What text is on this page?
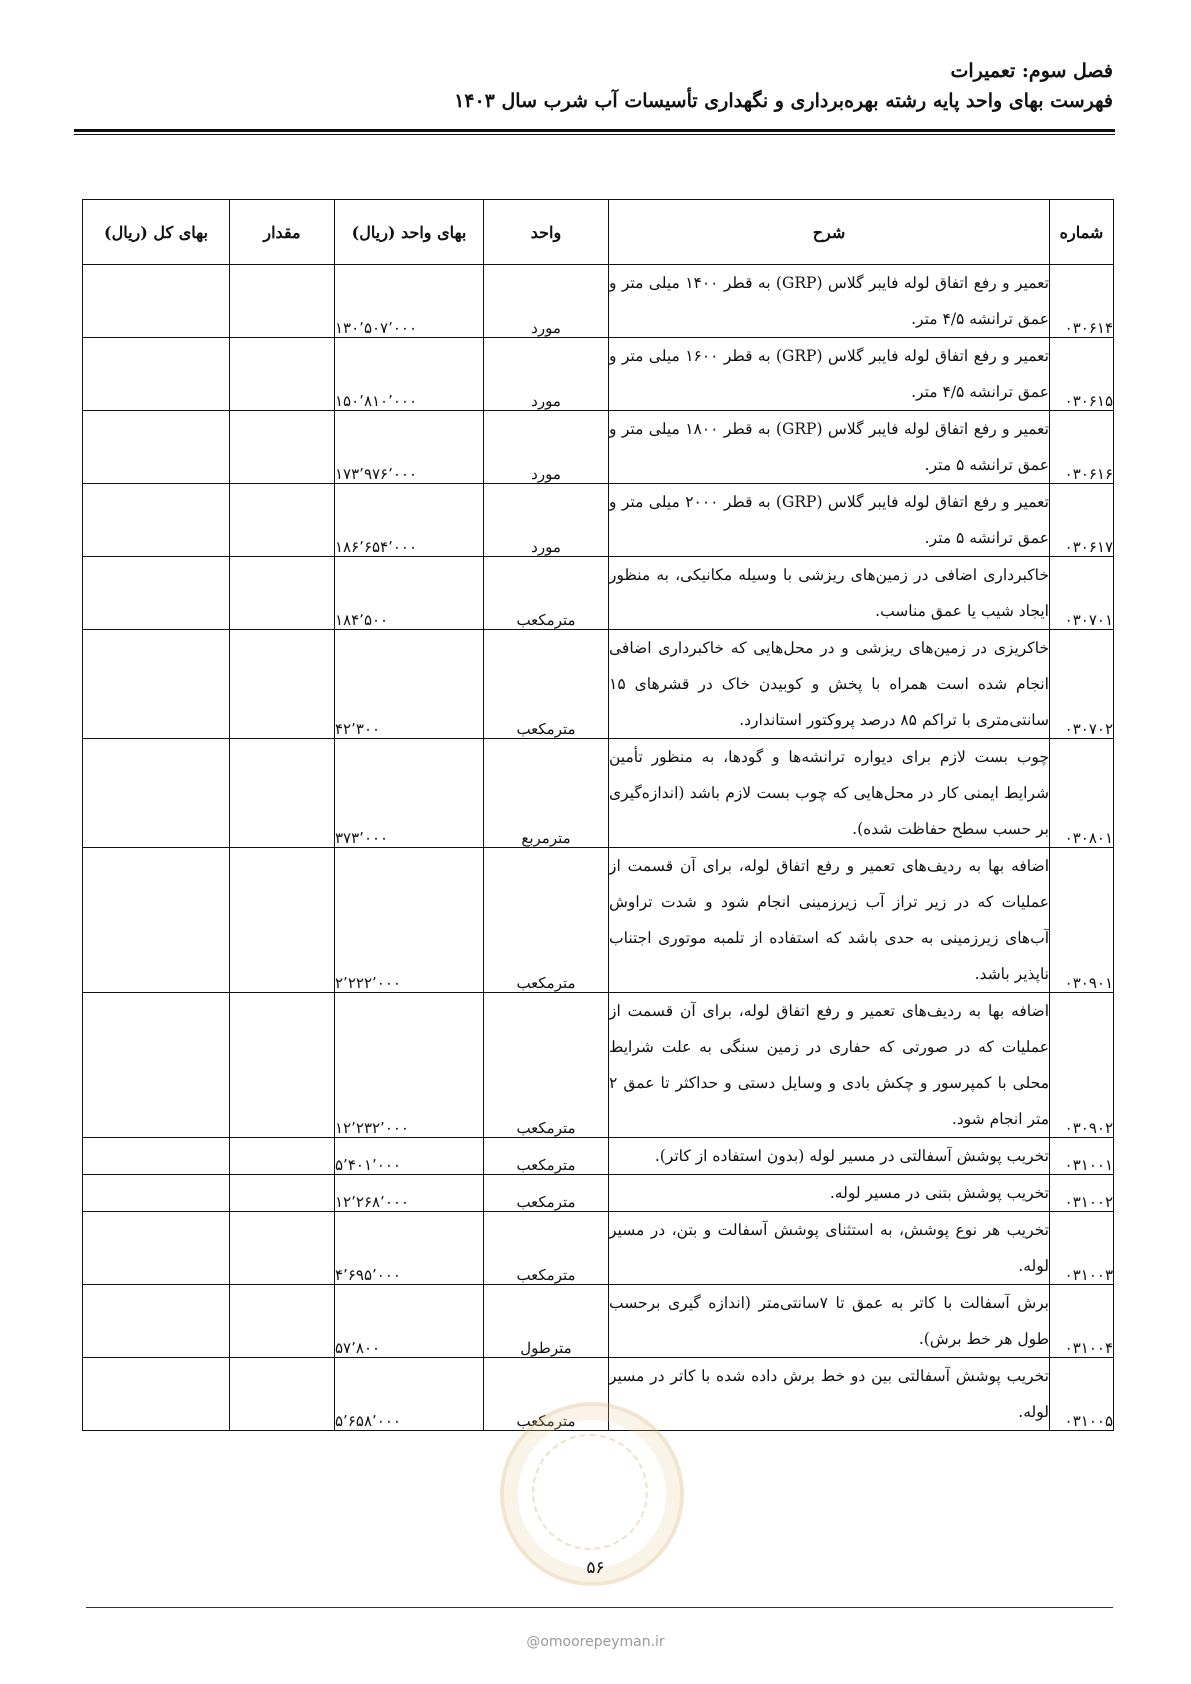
فصل سوم: تعمیرات
فهرست بهای واحد پایه رشته بهره‌برداری و نگهداری تأسیسات آب شرب سال ۱۴۰۳
شماره	شرح	واحد	بهای واحد (ریال)	مقدار	بهای کل (ریال)
۰۳۰۶۱۴	تعمیر و رفع اتفاق لوله فایبر گلاس (GRP) به قطر ۱۴۰۰ میلی متر و عمق ترانشه ۴/۵ متر.	مورد	۱۳۰٬۵۰۷٬۰۰۰		
۰۳۰۶۱۵	تعمیر و رفع اتفاق لوله فایبر گلاس (GRP) به قطر ۱۶۰۰ میلی متر و عمق ترانشه ۴/۵ متر.	مورد	۱۵۰٬۸۱۰٬۰۰۰		
۰۳۰۶۱۶	تعمیر و رفع اتفاق لوله فایبر گلاس (GRP) به قطر ۱۸۰۰ میلی متر و عمق ترانشه ۵ متر.	مورد	۱۷۳٬۹۷۶٬۰۰۰		
۰۳۰۶۱۷	تعمیر و رفع اتفاق لوله فایبر گلاس (GRP) به قطر ۲۰۰۰ میلی متر و عمق ترانشه ۵ متر.	مورد	۱۸۶٬۶۵۴٬۰۰۰		
۰۳۰۷۰۱	خاکبرداری اضافی در زمین‌های ریزشی با وسیله مکانیکی، به منظور ایجاد شیب یا عمق مناسب.	مترمکعب	۱۸۴٬۵۰۰		
۰۳۰۷۰۲	خاکریزی در زمین‌های ریزشی و در محل‌هایی که خاکبرداری اضافی انجام شده است همراه با پخش و کوبیدن خاک در قشرهای ۱۵ سانتی‌متری با تراکم ۸۵ درصد پروکتور استاندارد.	مترمکعب	۴۲٬۳۰۰		
۰۳۰۸۰۱	چوب بست لازم برای دیواره ترانشه‌ها و گودها، به منظور تأمین شرایط ایمنی کار در محل‌هایی که چوب بست لازم باشد (اندازه‌گیری بر حسب سطح حفاظت شده).	مترمربع	۳۷۳٬۰۰۰		
۰۳۰۹۰۱	اضافه بها به ردیف‌های تعمیر و رفع اتفاق لوله، برای آن قسمت از عملیات که در زیر تراز آب زیرزمینی انجام شود و شدت تراوش آب‌های زیرزمینی به حدی باشد که استفاده از تلمبه موتوری اجتناب ناپذیر باشد.	مترمکعب	۲٬۲۲۲٬۰۰۰		
۰۳۰۹۰۲	اضافه بها به ردیف‌های تعمیر و رفع اتفاق لوله، برای آن قسمت از عملیات که در صورتی که حفاری در زمین سنگی به علت شرایط محلی با کمپرسور و چکش بادی و وسایل دستی و حداکثر تا عمق ۲ متر انجام شود.	مترمکعب	۱۲٬۲۳۲٬۰۰۰		
۰۳۱۰۰۱	تخریب پوشش آسفالتی در مسیر لوله (بدون استفاده از کاتر).	مترمکعب	۵٬۴۰۱٬۰۰۰		
۰۳۱۰۰۲	تخریب پوشش بتنی در مسیر لوله.	مترمکعب	۱۲٬۲۶۸٬۰۰۰		
۰۳۱۰۰۳	تخریب هر نوع پوشش، به استثنای پوشش آسفالت و بتن، در مسیر لوله.	مترمکعب	۴٬۶۹۵٬۰۰۰		
۰۳۱۰۰۴	برش آسفالت با کاتر به عمق تا ۷سانتی‌متر (اندازه گیری برحسب طول هر خط برش).	مترطول	۵۷٬۸۰۰		
۰۳۱۰۰۵	تخریب پوشش آسفالتی بین دو خط برش داده شده با کاتر در مسیر لوله.	مترمکعب	۵٬۶۵۸٬۰۰۰		
۵۶
@omoorepeyman.ir
